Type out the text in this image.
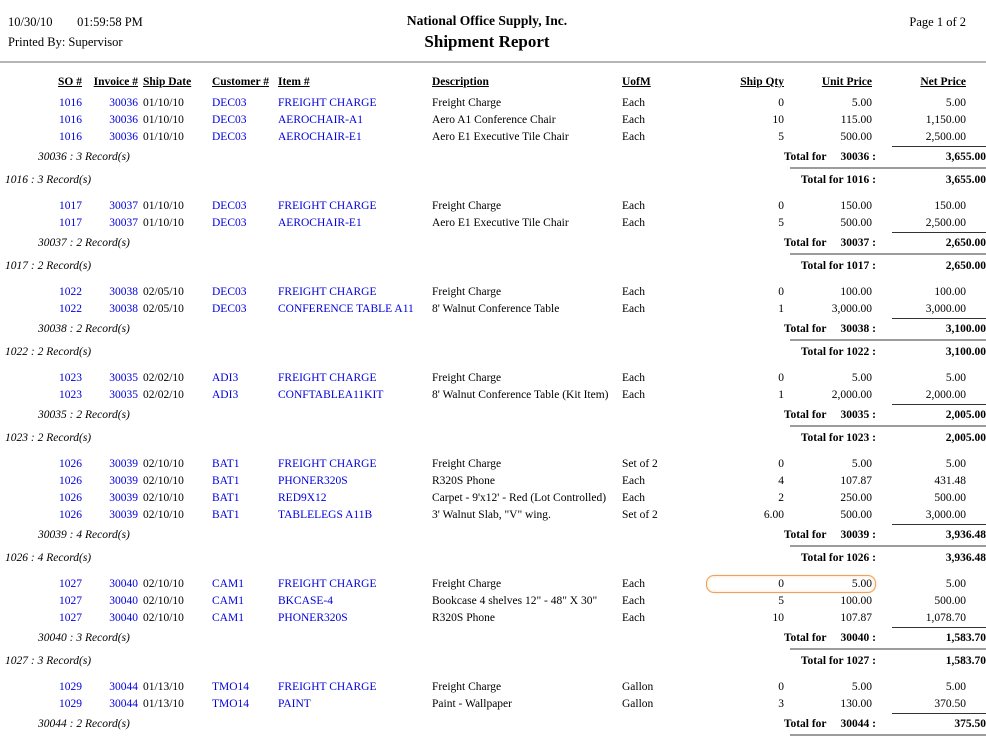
10/30/10 01:59:58 PM
Printed By: Supervisor
National Office Supply, Inc.
Shipment Report
Page 1 of 2
SO #	Invoice # Ship Date	Customer # Item #	Description	UofM	Ship Qty	Unit Price	Net Price
1016	30036 01/10/10	DEC03	FREIGHT CHARGE	Freight Charge	Each	0	5.00	5.00
1016	30036 01/10/10	DEC03	AEROCHAIR-A1	Aero A1 Conference Chair	Each	10	115.00	1,150.00
1016	30036 01/10/10	DEC03	AEROCHAIR-E1	Aero E1 Executive Tile Chair	Each	5	500.00	2,500.00
30036 : 3 Record(s)	Total for 30036 :	3,655.00
1016 : 3 Record(s)	Total for 1016 :	3,655.00
1017	30037 01/10/10	DEC03	FREIGHT CHARGE	Freight Charge	Each	0	150.00	150.00
1017	30037 01/10/10	DEC03	AEROCHAIR-E1	Aero E1 Executive Tile Chair	Each	5	500.00	2,500.00
30037 : 2 Record(s)	Total for 30037 :	2,650.00
1017 : 2 Record(s)	Total for 1017 :	2,650.00
1022	30038 02/05/10	DEC03	FREIGHT CHARGE	Freight Charge	Each	0	100.00	100.00
1022	30038 02/05/10	DEC03	CONFERENCE TABLE A11	8' Walnut Conference Table	Each	1	3,000.00	3,000.00
30038 : 2 Record(s)	Total for 30038 :	3,100.00
1022 : 2 Record(s)	Total for 1022 :	3,100.00
1023	30035 02/02/10	ADI3	FREIGHT CHARGE	Freight Charge	Each	0	5.00	5.00
1023	30035 02/02/10	ADI3	CONFTABLEA11KIT	8' Walnut Conference Table (Kit Item)	Each	1	2,000.00	2,000.00
30035 : 2 Record(s)	Total for 30035 :	2,005.00
1023 : 2 Record(s)	Total for 1023 :	2,005.00
1026	30039 02/10/10	BAT1	FREIGHT CHARGE	Freight Charge	Set of 2	0	5.00	5.00
1026	30039 02/10/10	BAT1	PHONER320S	R320S Phone	Each	4	107.87	431.48
1026	30039 02/10/10	BAT1	RED9X12	Carpet - 9'x12' - Red (Lot Controlled)	Each	2	250.00	500.00
1026	30039 02/10/10	BAT1	TABLELEGS A11B	3' Walnut Slab, "V" wing.	Set of 2	6.00	500.00	3,000.00
30039 : 4 Record(s)	Total for 30039 :	3,936.48
1026 : 4 Record(s)	Total for 1026 :	3,936.48
1027	30040 02/10/10	CAM1	FREIGHT CHARGE	Freight Charge	Each	0	5.00	5.00
1027	30040 02/10/10	CAM1	BKCASE-4	Bookcase 4 shelves 12" - 48" X 30"	Each	5	100.00	500.00
1027	30040 02/10/10	CAM1	PHONER320S	R320S Phone	Each	10	107.87	1,078.70
30040 : 3 Record(s)	Total for 30040 :	1,583.70
1027 : 3 Record(s)	Total for 1027 :	1,583.70
1029	30044 01/13/10	TMO14	FREIGHT CHARGE	Freight Charge	Gallon	0	5.00	5.00
1029	30044 01/13/10	TMO14	PAINT	Paint - Wallpaper	Gallon	3	130.00	370.50
30044 : 2 Record(s)	Total for 30044 :	375.50
